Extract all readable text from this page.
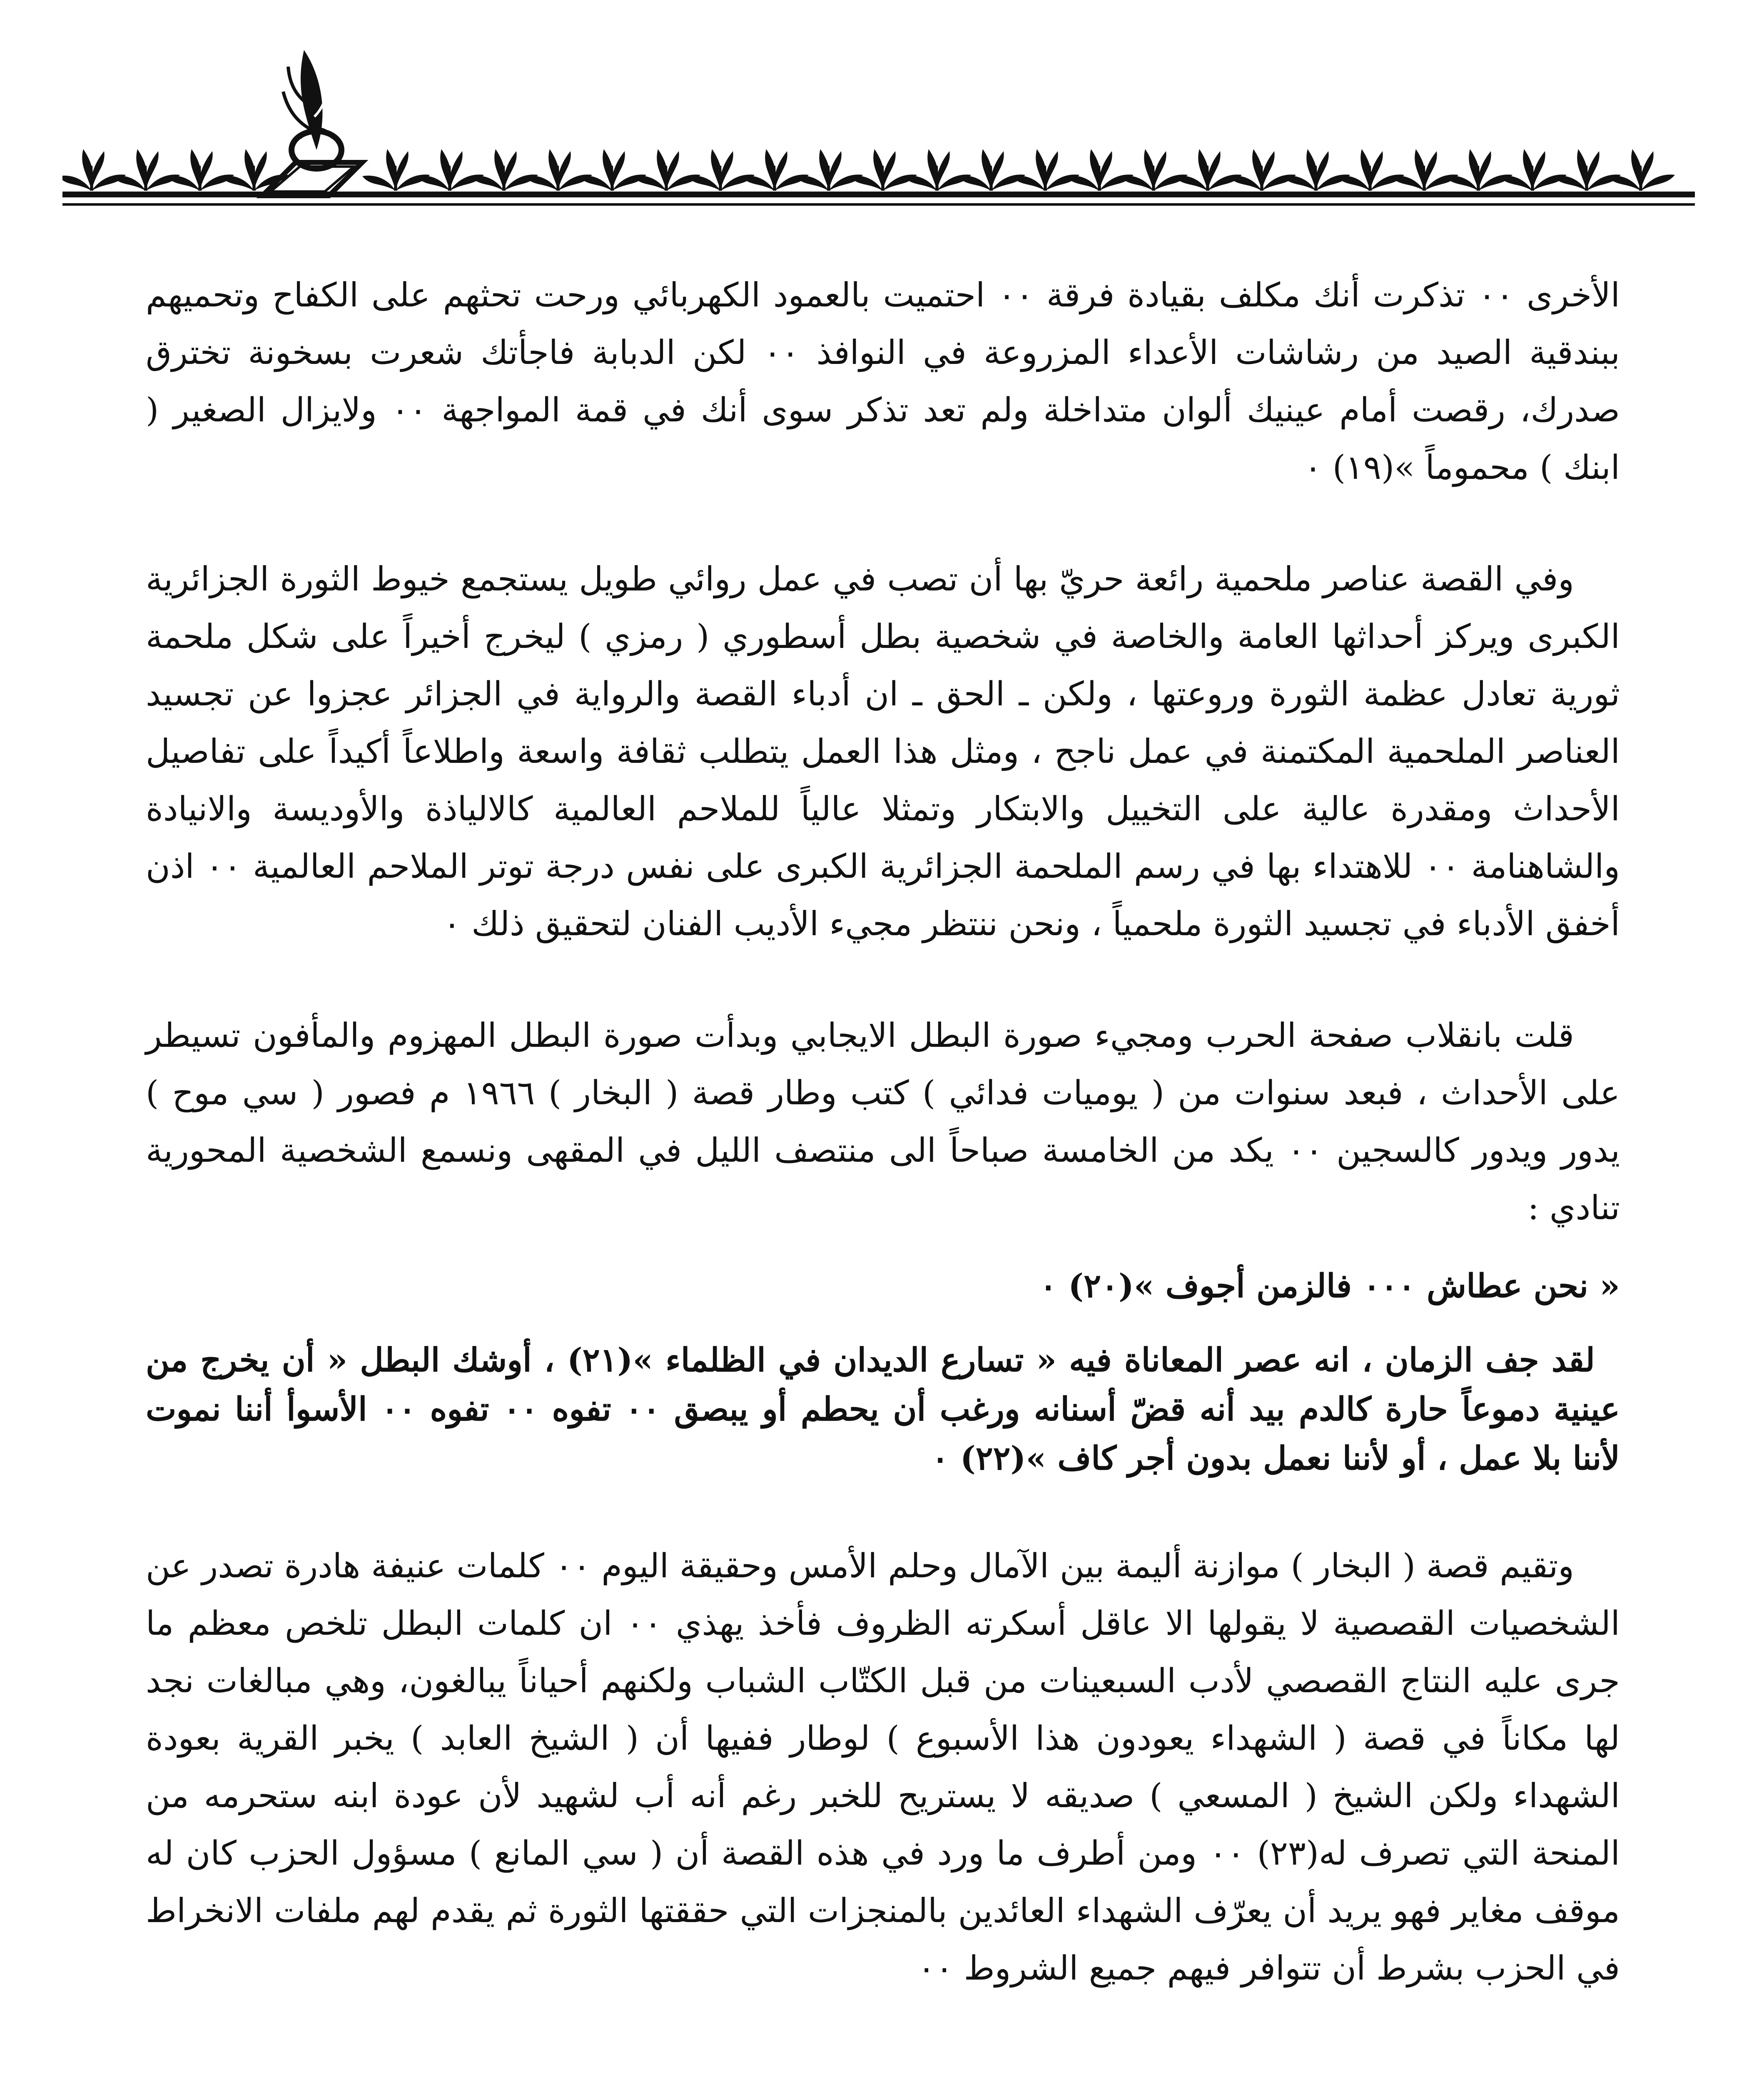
الأخرى ٠٠ تذكرت أنك مكلف بقيادة فرقة ٠٠ احتميت بالعمود الكهربائي ورحت تحثهم على الكفاح وتحميهم ببندقية الصيد من رشاشات الأعداء المزروعة في النوافذ ٠٠ لكن الدبابة فاجأتك شعرت بسخونة تخترق صدرك، رقصت أمام عينيك ألوان متداخلة ولم تعد تذكر سوى أنك في قمة المواجهة ٠٠ ولايزال الصغير ( ابنك ) محموماً »(١٩) ٠

وفي القصة عناصر ملحمية رائعة حريّ بها أن تصب في عمل روائي طويل يستجمع خيوط الثورة الجزائرية الكبرى ويركز أحداثها العامة والخاصة في شخصية بطل أسطوري ( رمزي ) ليخرج أخيراً على شكل ملحمة ثورية تعادل عظمة الثورة وروعتها ، ولكن ـ الحق ـ ان أدباء القصة والرواية في الجزائر عجزوا عن تجسيد العناصر الملحمية المكتمنة في عمل ناجح ، ومثل هذا العمل يتطلب ثقافة واسعة واطلاعاً أكيداً على تفاصيل الأحداث ومقدرة عالية على التخييل والابتكار وتمثلا عالياً للملاحم العالمية كالالياذة والأوديسة والانيادة والشاهنامة ٠٠ للاهتداء بها في رسم الملحمة الجزائرية الكبرى على نفس درجة توتر الملاحم العالمية ٠٠ اذن أخفق الأدباء في تجسيد الثورة ملحمياً ، ونحن ننتظر مجيء الأديب الفنان لتحقيق ذلك ٠

قلت بانقلاب صفحة الحرب ومجيء صورة البطل الايجابي وبدأت صورة البطل المهزوم والمأفون تسيطر على الأحداث ، فبعد سنوات من ( يوميات فدائي ) كتب وطار قصة ( البخار ) ١٩٦٦ م فصور ( سي موح ) يدور ويدور كالسجين ٠٠ يكد من الخامسة صباحاً الى منتصف الليل في المقهى ونسمع الشخصية المحورية تنادي :

« نحن عطاش ٠٠٠ فالزمن أجوف »(٢٠) ٠

لقد جف الزمان ، انه عصر المعاناة فيه « تسارع الديدان في الظلماء »(٢١) ، أوشك البطل « أن يخرج من عينية دموعاً حارة كالدم بيد أنه قضّ أسنانه ورغب أن يحطم أو يبصق ٠٠ تفوه ٠٠ تفوه ٠٠ الأسوأ أننا نموت لأننا بلا عمل ، أو لأننا نعمل بدون أجر كاف »(٢٢) ٠

وتقيم قصة ( البخار ) موازنة أليمة بين الآمال وحلم الأمس وحقيقة اليوم ٠٠ كلمات عنيفة هادرة تصدر عن الشخصيات القصصية لا يقولها الا عاقل أسكرته الظروف فأخذ يهذي ٠٠ ان كلمات البطل تلخص معظم ما جرى عليه النتاج القصصي لأدب السبعينات من قبل الكتّاب الشباب ولكنهم أحياناً يبالغون، وهي مبالغات نجد لها مكاناً في قصة ( الشهداء يعودون هذا الأسبوع ) لوطار ففيها أن ( الشيخ العابد ) يخبر القرية بعودة الشهداء ولكن الشيخ ( المسعي ) صديقه لا يستريح للخبر رغم أنه أب لشهيد لأن عودة ابنه ستحرمه من المنحة التي تصرف له(٢٣) ٠٠ ومن أطرف ما ورد في هذه القصة أن ( سي المانع ) مسؤول الحزب كان له موقف مغاير فهو يريد أن يعرّف الشهداء العائدين بالمنجزات التي حققتها الثورة ثم يقدم لهم ملفات الانخراط في الحزب بشرط أن تتوافر فيهم جميع الشروط ٠٠
